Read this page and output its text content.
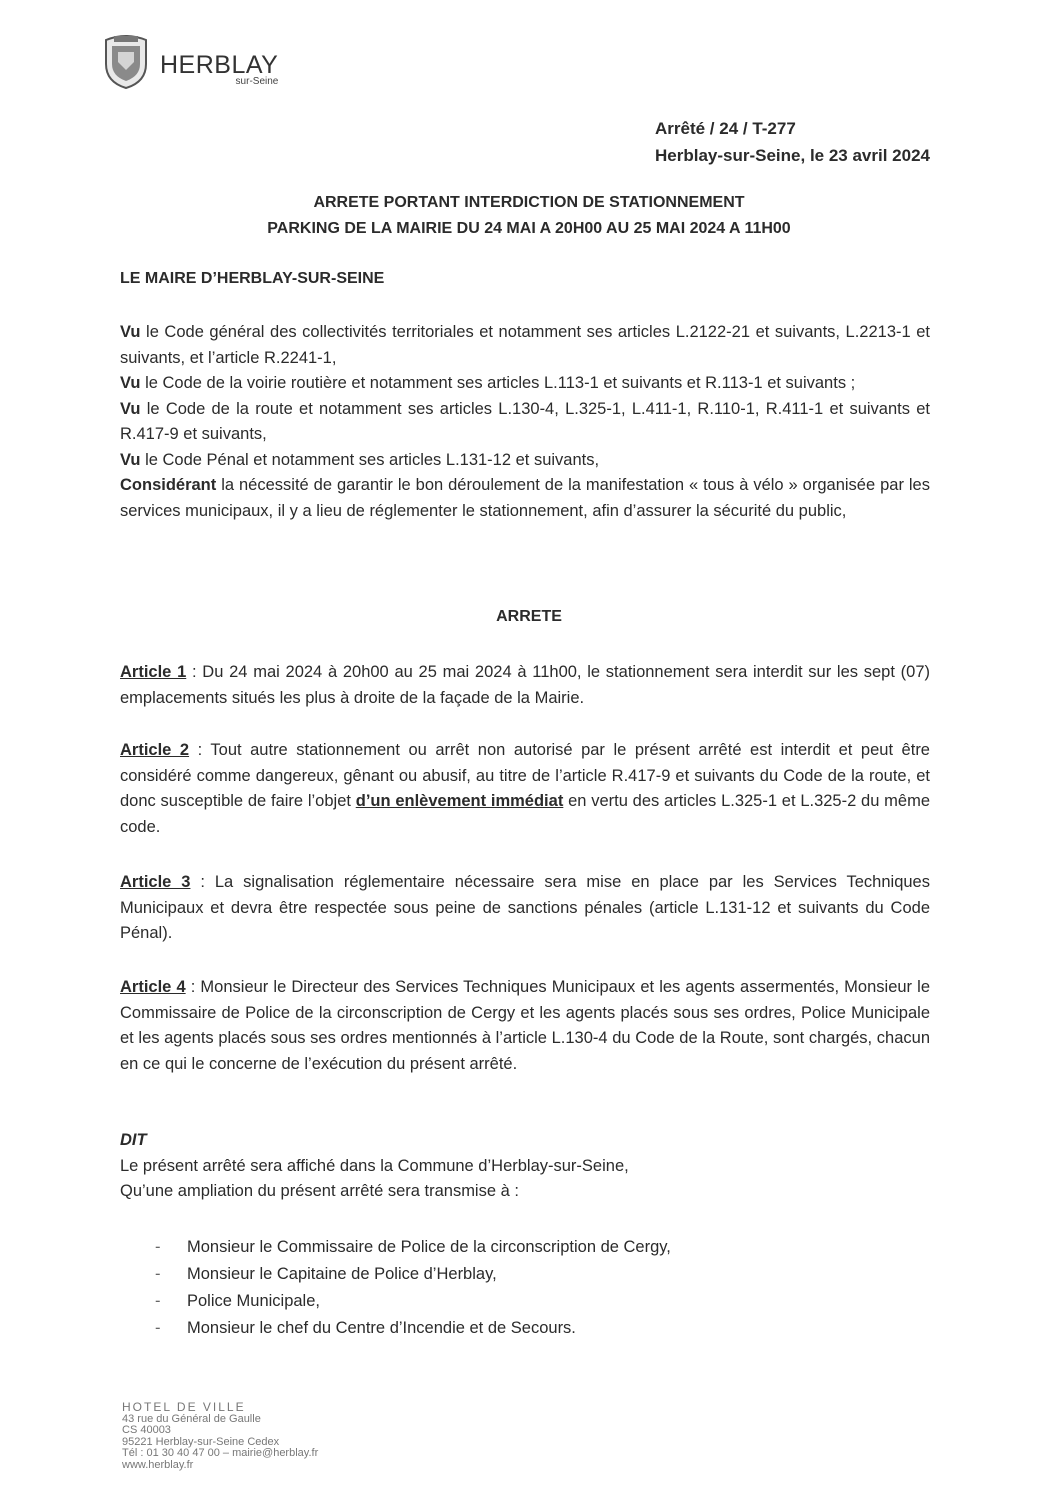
HERBLAY
sur-Seine
Arrêté / 24 / T-277
Herblay-sur-Seine, le 23 avril 2024
ARRETE PORTANT INTERDICTION DE STATIONNEMENT
PARKING DE LA MAIRIE DU 24 MAI A 20H00 AU 25 MAI 2024 A 11H00
LE MAIRE D’HERBLAY-SUR-SEINE

Vu le Code général des collectivités territoriales et notamment ses articles L.2122-21 et suivants, L.2213-1 et suivants, et l’article R.2241-1,

Vu le Code de la voirie routière et notamment ses articles L.113-1 et suivants et R.113-1 et suivants ;

Vu le Code de la route et notamment ses articles L.130-4, L.325-1, L.411-1, R.110-1, R.411-1 et suivants et R.417-9 et suivants,

Vu le Code Pénal et notamment ses articles L.131-12 et suivants,

Considérant la nécessité de garantir le bon déroulement de la manifestation « tous à vélo » organisée par les services municipaux, il y a lieu de réglementer le stationnement, afin d’assurer la sécurité du public,

ARRETE
Article 1 : Du 24 mai 2024 à 20h00 au 25 mai 2024 à 11h00, le stationnement sera interdit sur les sept (07) emplacements situés les plus à droite de la façade de la Mairie.
Article 2 : Tout autre stationnement ou arrêt non autorisé par le présent arrêté est interdit et peut être considéré comme dangereux, gênant ou abusif, au titre de l’article R.417-9 et suivants du Code de la route, et donc susceptible de faire l’objet d’un enlèvement immédiat en vertu des articles L.325-1 et L.325-2 du même code.
Article 3 : La signalisation réglementaire nécessaire sera mise en place par les Services Techniques Municipaux et devra être respectée sous peine de sanctions pénales (article L.131-12 et suivants du Code Pénal).
Article 4 : Monsieur le Directeur des Services Techniques Municipaux et les agents assermentés, Monsieur le Commissaire de Police de la circonscription de Cergy et les agents placés sous ses ordres, Police Municipale et les agents placés sous ses ordres mentionnés à l’article L.130-4 du Code de la Route, sont chargés, chacun en ce qui le concerne de l’exécution du présent arrêté.
DIT
Le présent arrêté sera affiché dans la Commune d’Herblay-sur-Seine,
Qu’une ampliation du présent arrêté sera transmise à :
-	Monsieur le Commissaire de Police de la circonscription de Cergy,
-	Monsieur le Capitaine de Police d’Herblay,
-	Police Municipale,
-	Monsieur le chef du Centre d’Incendie et de Secours.
HOTEL DE VILLE
43 rue du Général de Gaulle
CS 40003
95221 Herblay-sur-Seine Cedex
Tél : 01 30 40 47 00 – mairie@herblay.fr
www.herblay.fr
